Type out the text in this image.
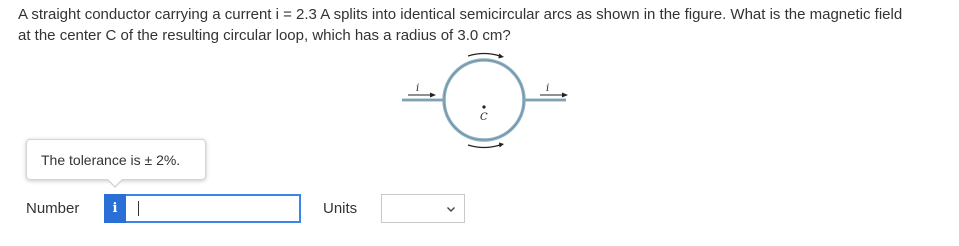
A straight conductor carrying a current i = 2.3 A splits into identical semicircular arcs as shown in the figure. What is the magnetic field

at the center C of the resulting circular loop, which has a radius of 3.0 cm?

i	i
C
The tolerance is ± 2%.
Number	i	Units
